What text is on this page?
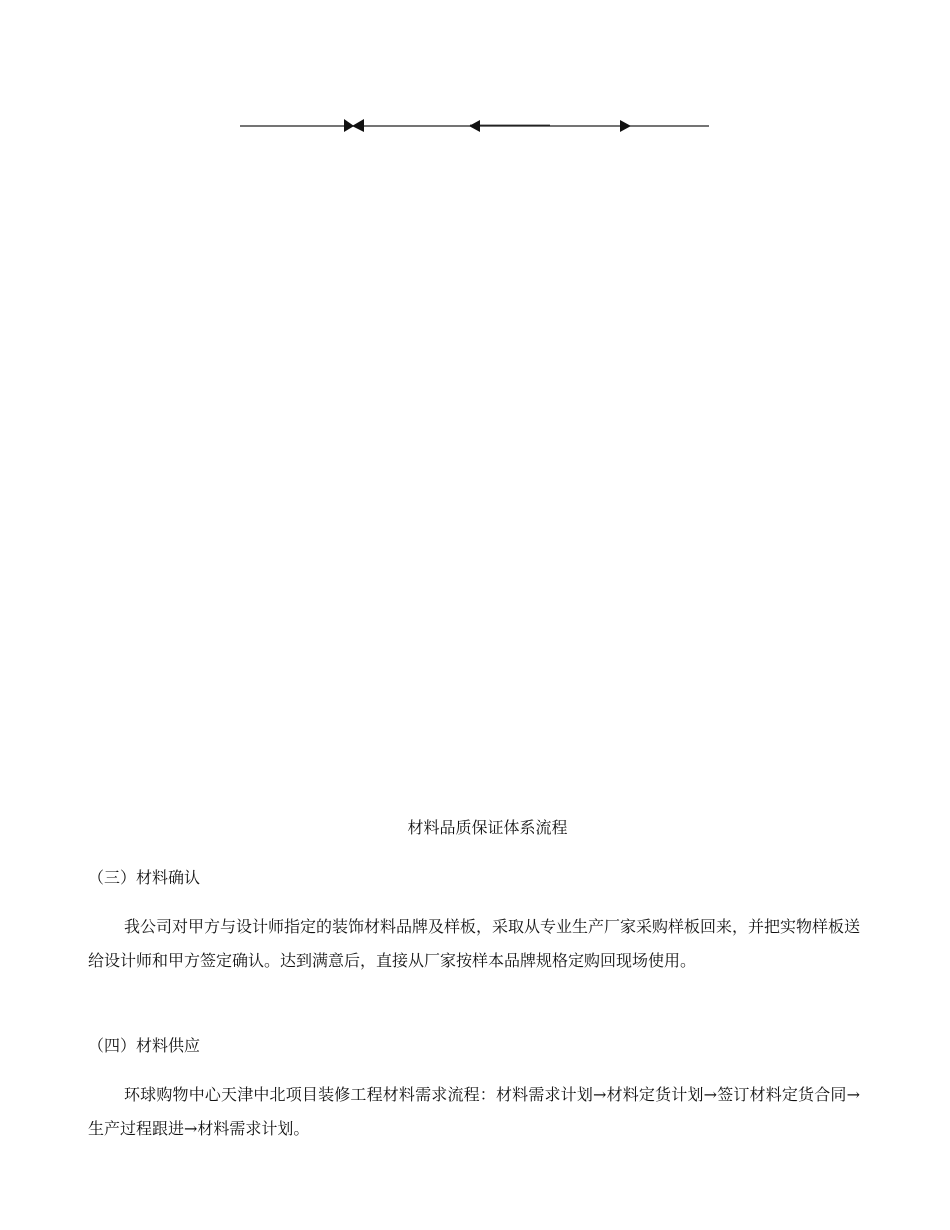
材料品质保证体系流程
（三）材料确认
我公司对甲方与设计师指定的装饰材料品牌及样板，采取从专业生产厂家采购样板回来，并把实物样板送给设计师和甲方签定确认。达到满意后，直接从厂家按样本品牌规格定购回现场使用。
（四）材料供应
环球购物中心天津中北项目装修工程材料需求流程：材料需求计划→材料定货计划→签订材料定货合同→生产过程跟进→材料需求计划。
